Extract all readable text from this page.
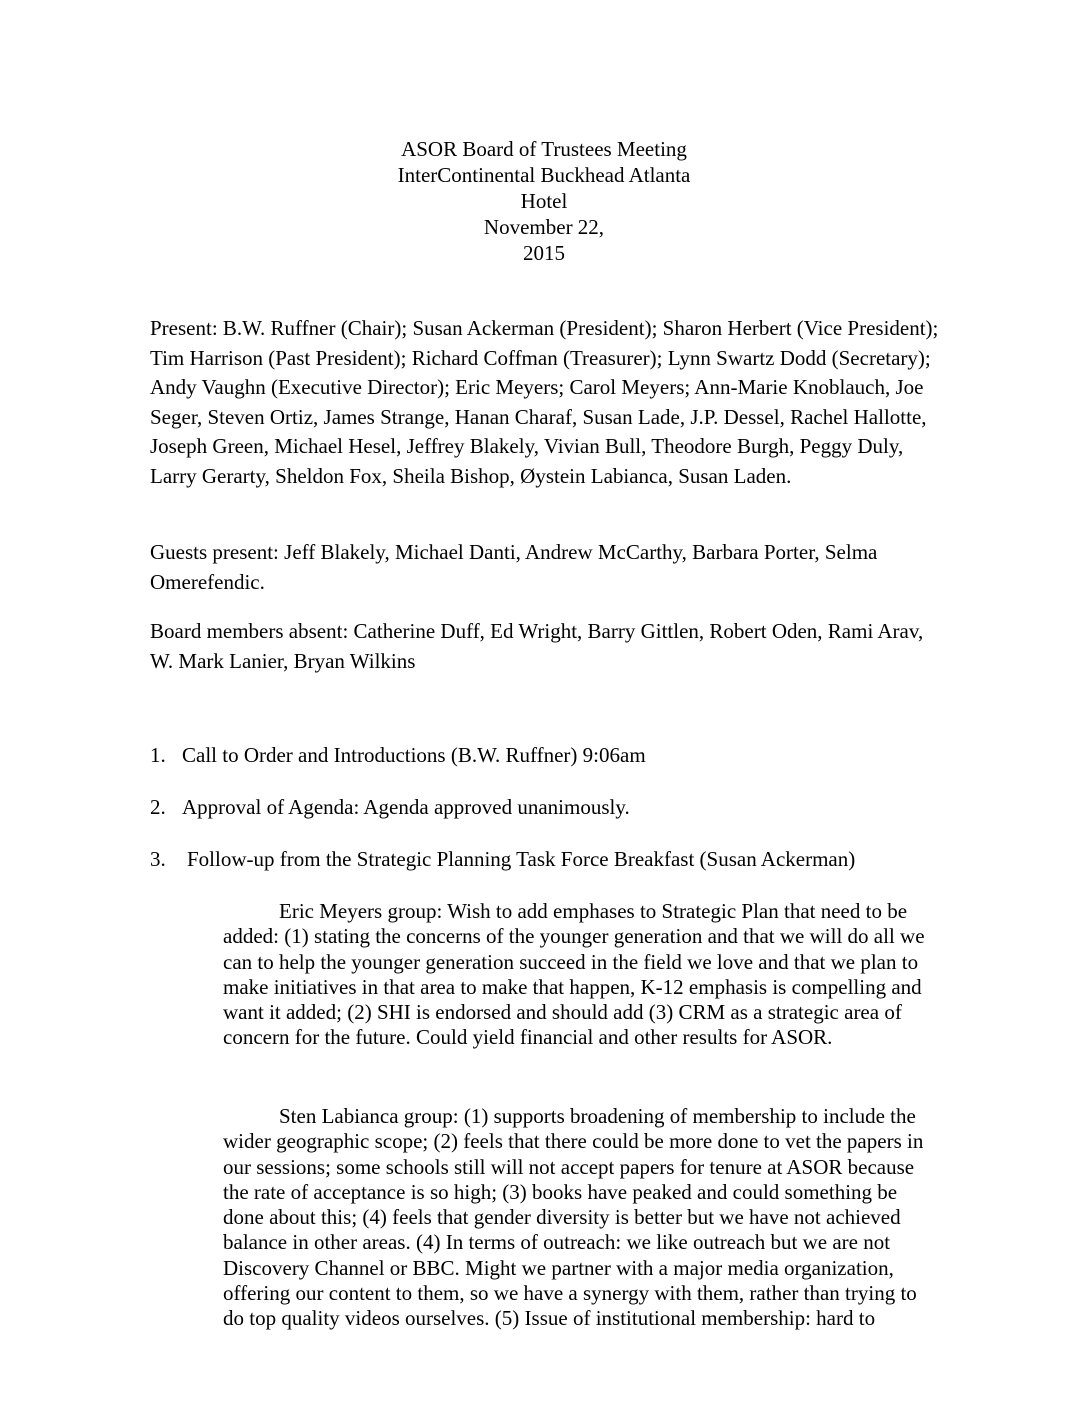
ASOR Board of Trustees Meeting
InterContinental Buckhead Atlanta
Hotel
November 22,
2015

Present: B.W. Ruffner (Chair); Susan Ackerman (President); Sharon Herbert (Vice President); Tim Harrison (Past President); Richard Coffman (Treasurer); Lynn Swartz Dodd (Secretary); Andy Vaughn (Executive Director); Eric Meyers; Carol Meyers; Ann-Marie Knoblauch, Joe Seger, Steven Ortiz, James Strange, Hanan Charaf, Susan Lade, J.P. Dessel, Rachel Hallotte, Joseph Green, Michael Hesel, Jeffrey Blakely, Vivian Bull, Theodore Burgh, Peggy Duly, Larry Gerarty, Sheldon Fox, Sheila Bishop, Øystein Labianca, Susan Laden.

Guests present: Jeff Blakely, Michael Danti, Andrew McCarthy, Barbara Porter, Selma Omerefendic.

Board members absent: Catherine Duff, Ed Wright, Barry Gittlen, Robert Oden, Rami Arav, W. Mark Lanier, Bryan Wilkins

1. Call to Order and Introductions (B.W. Ruffner) 9:06am
2. Approval of Agenda: Agenda approved unanimously.
3. Follow-up from the Strategic Planning Task Force Breakfast (Susan Ackerman)

Eric Meyers group: Wish to add emphases to Strategic Plan that need to be added: (1) stating the concerns of the younger generation and that we will do all we can to help the younger generation succeed in the field we love and that we plan to make initiatives in that area to make that happen, K-12 emphasis is compelling and want it added; (2) SHI is endorsed and should add (3) CRM as a strategic area of concern for the future. Could yield financial and other results for ASOR.

Sten Labianca group: (1) supports broadening of membership to include the wider geographic scope; (2) feels that there could be more done to vet the papers in our sessions; some schools still will not accept papers for tenure at ASOR because the rate of acceptance is so high; (3) books have peaked and could something be done about this; (4) feels that gender diversity is better but we have not achieved balance in other areas. (4) In terms of outreach: we like outreach but we are not Discovery Channel or BBC. Might we partner with a major media organization, offering our content to them, so we have a synergy with them, rather than trying to do top quality videos ourselves. (5) Issue of institutional membership: hard to
